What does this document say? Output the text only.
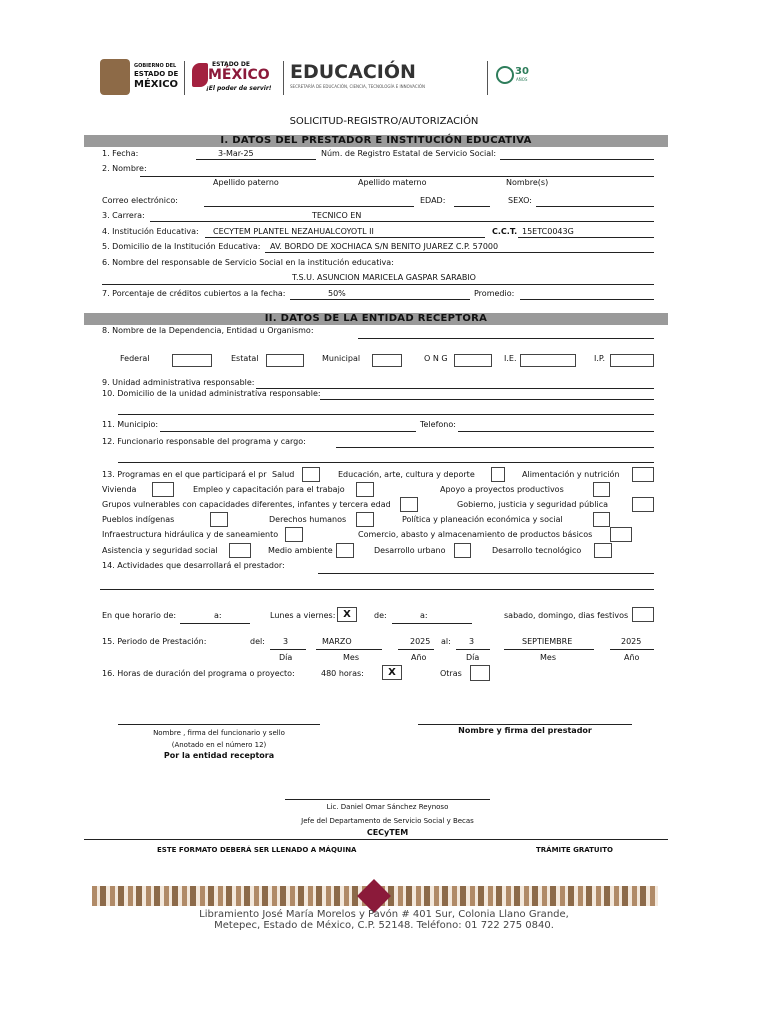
GOBIERNO DEL
ESTADO DE
MÉXICO
ESTADO DE
MÉXICO
¡El poder de servir!
EDUCACIÓN
SECRETARÍA DE EDUCACIÓN, CIENCIA, TECNOLOGÍA E INNOVACIÓN
30
AÑOS
SOLICITUD-REGISTRO/AUTORIZACIÓN
I. DATOS DEL PRESTADOR E INSTITUCIÓN EDUCATIVA
1. Fecha:	3-Mar-25	Núm. de Registro Estatal de Servicio Social:
2. Nombre:
Apellido paterno	Apellido materno	Nombre(s)
Correo electrónico:	EDAD:	SEXO:
3. Carrera:	TECNICO EN
4. Institución Educativa: CECYTEM PLANTEL NEZAHUALCOYOTL II	C.C.T. 15ETC0043G
5. Domicilio de la Institución Educativa: AV. BORDO DE XOCHIACA S/N BENITO JUAREZ C.P. 57000
6. Nombre del responsable de Servicio Social en la institución educativa:
T.S.U. ASUNCION MARICELA GASPAR SARABIO
7. Porcentaje de créditos cubiertos a la fecha:	50%	Promedio:
II. DATOS DE LA ENTIDAD RECEPTORA
8. Nombre de la Dependencia, Entidad u Organismo:
Federal	Estatal	Municipal	O N G	I.E.	I.P.
9. Unidad administrativa responsable:
10. Domicilio de la unidad administrativa responsable:
11. Municipio:	Telefono:
12. Funcionario responsable del programa y cargo:
13. Programas en el que participará el pr Salud	Educación, arte, cultura y deporte	Alimentación y nutrición
Vivienda	Empleo y capacitación para el trabajo	Apoyo a proyectos productivos
Grupos vulnerables con capacidades diferentes, infantes y tercera edad	Gobierno, justicia y seguridad pública
Pueblos indígenas	Derechos humanos	Política y planeación económica y social
Infraestructura hidráulica y de saneamiento	Comercio, abasto y almacenamiento de productos básicos
Asistencia y seguridad social	Medio ambiente	Desarrollo urbano	Desarrollo tecnológico
14. Actividades que desarrollará el prestador:
En que horario de:	a:	Lunes a viernes: X	de:	a:	sabado, domingo, dias festivos
15. Periodo de Prestación:	del: 3	MARZO	2025 al: 3	SEPTIEMBRE	2025
Día	Mes	Año	Día	Mes	Año
16. Horas de duración del programa o proyecto:	480 horas:	X	Otras
Nombre , firma del funcionario y sello
(Anotado en el número 12)
Por la entidad receptora
Nombre y firma del prestador
Lic. Daniel Omar Sánchez Reynoso
Jefe del Departamento de Servicio Social y Becas
CECyTEM
ESTE FORMATO DEBERÁ SER LLENADO A MÁQUINA	TRÁMITE GRATUITO
Libramiento José María Morelos y Pavón # 401 Sur, Colonia Llano Grande,
Metepec, Estado de México, C.P. 52148. Teléfono: 01 722 275 0840.
